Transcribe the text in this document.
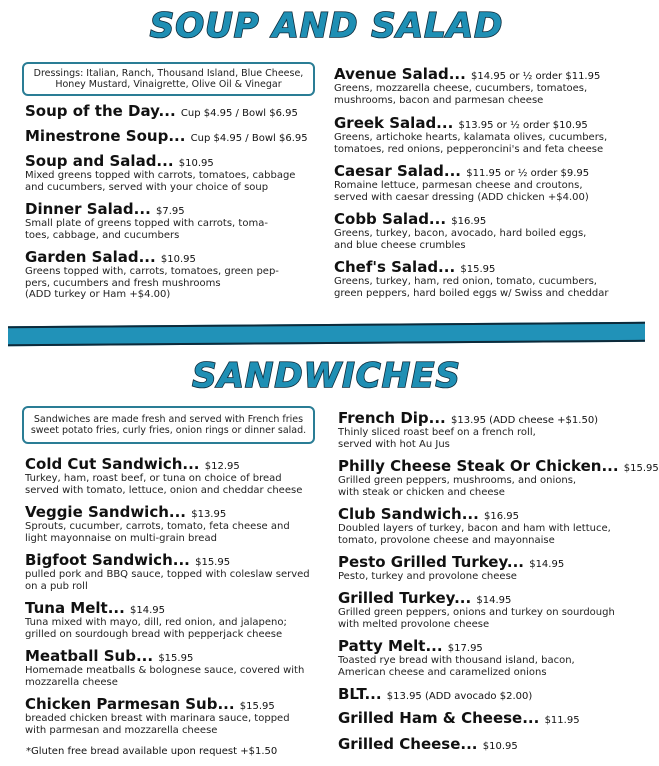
SOUP AND SALAD
Dressings: Italian, Ranch, Thousand Island, Blue Cheese, Honey Mustard, Vinaigrette, Olive Oil & Vinegar
Soup of the Day... Cup $4.95 / Bowl $6.95
Minestrone Soup... Cup $4.95 / Bowl $6.95
Soup and Salad... $10.95
Mixed greens topped with carrots, tomatoes, cabbage
and cucumbers, served with your choice of soup
Dinner Salad... $7.95
Small plate of greens topped with carrots, toma-
toes, cabbage, and cucumbers
Garden Salad... $10.95
Greens topped with, carrots, tomatoes, green pep-
pers, cucumbers and fresh mushrooms
(ADD turkey or Ham +$4.00)
Avenue Salad... $14.95 or ½ order $11.95
Greens, mozzarella cheese, cucumbers, tomatoes,
mushrooms, bacon and parmesan cheese
Greek Salad... $13.95 or ½ order $10.95
Greens, artichoke hearts, kalamata olives, cucumbers,
tomatoes, red onions, pepperoncini's and feta cheese
Caesar Salad... $11.95 or ½ order $9.95
Romaine lettuce, parmesan cheese and croutons,
served with caesar dressing (ADD chicken +$4.00)
Cobb Salad... $16.95
Greens, turkey, bacon, avocado, hard boiled eggs,
and blue cheese crumbles
Chef's Salad... $15.95
Greens, turkey, ham, red onion, tomato, cucumbers,
green peppers, hard boiled eggs w/ Swiss and cheddar
SANDWICHES
Sandwiches are made fresh and served with French fries sweet potato fries, curly fries, onion rings or dinner salad.
Cold Cut Sandwich... $12.95
Turkey, ham, roast beef, or tuna on choice of bread
served with tomato, lettuce, onion and cheddar cheese
Veggie Sandwich... $13.95
Sprouts, cucumber, carrots, tomato, feta cheese and
light mayonnaise on multi-grain bread
Bigfoot Sandwich... $15.95
pulled pork and BBQ sauce, topped with coleslaw served
on a pub roll
Tuna Melt... $14.95
Tuna mixed with mayo, dill, red onion, and jalapeno;
grilled on sourdough bread with pepperjack cheese
Meatball Sub... $15.95
Homemade meatballs & bolognese sauce, covered with
mozzarella cheese
Chicken Parmesan Sub... $15.95
breaded chicken breast with marinara sauce, topped
with parmesan and mozzarella cheese
French Dip... $13.95 (ADD cheese +$1.50)
Thinly sliced roast beef on a french roll,
served with hot Au Jus
Philly Cheese Steak Or Chicken... $15.95
Grilled green peppers, mushrooms, and onions,
with steak or chicken and cheese
Club Sandwich... $16.95
Doubled layers of turkey, bacon and ham with lettuce,
tomato, provolone cheese and mayonnaise
Pesto Grilled Turkey... $14.95
Pesto, turkey and provolone cheese
Grilled Turkey... $14.95
Grilled green peppers, onions and turkey on sourdough
with melted provolone cheese
Patty Melt... $17.95
Toasted rye bread with thousand island, bacon,
American cheese and caramelized onions
BLT... $13.95 (ADD avocado $2.00)
Grilled Ham & Cheese... $11.95
Grilled Cheese... $10.95
*Gluten free bread available upon request +$1.50
